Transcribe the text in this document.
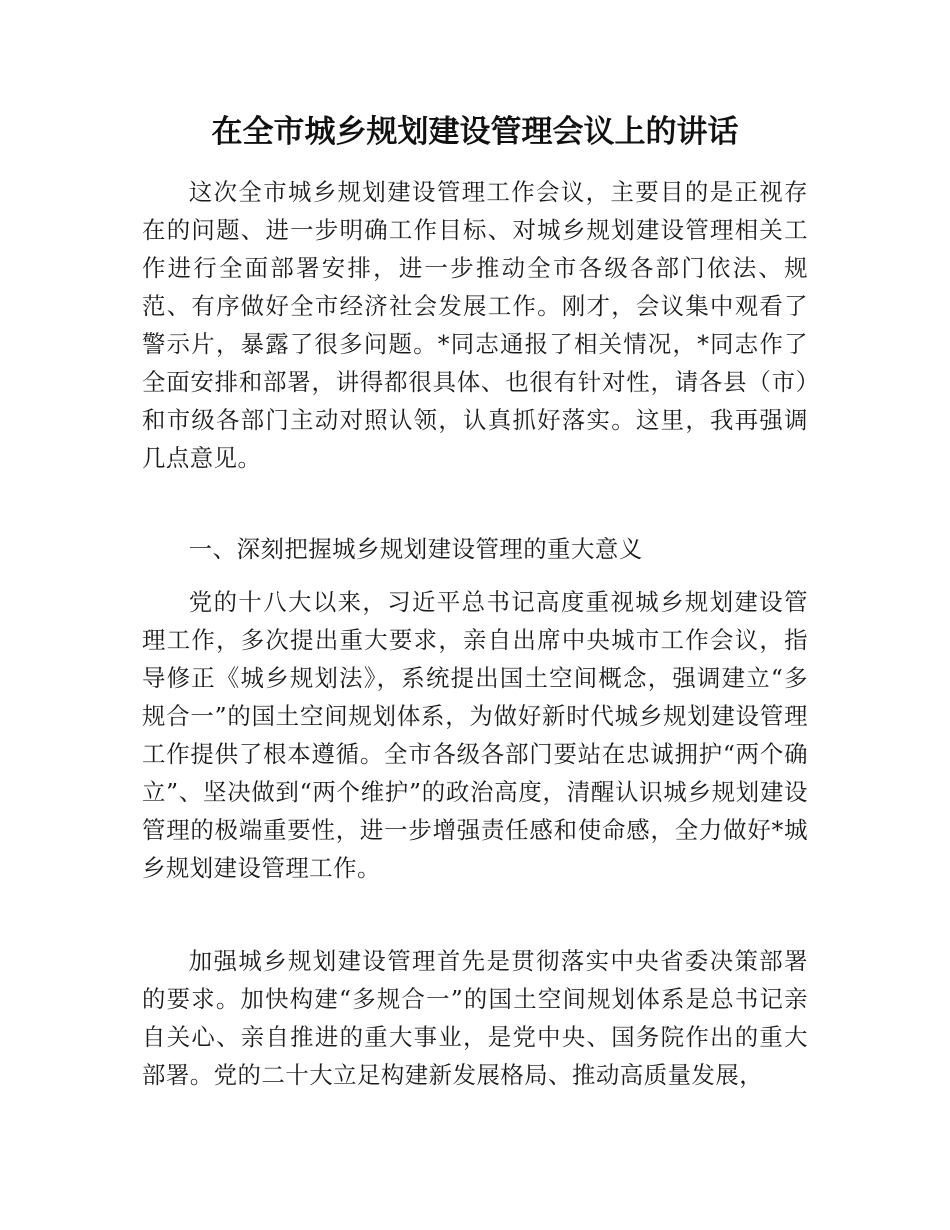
在全市城乡规划建设管理会议上的讲话

这次全市城乡规划建设管理工作会议，主要目的是正视存在的问题、进一步明确工作目标、对城乡规划建设管理相关工作进行全面部署安排，进一步推动全市各级各部门依法、规范、有序做好全市经济社会发展工作。刚才，会议集中观看了警示片，暴露了很多问题。*同志通报了相关情况，*同志作了全面安排和部署，讲得都很具体、也很有针对性，请各县（市）和市级各部门主动对照认领，认真抓好落实。这里，我再强调几点意见。

一、深刻把握城乡规划建设管理的重大意义

党的十八大以来，习近平总书记高度重视城乡规划建设管理工作，多次提出重大要求，亲自出席中央城市工作会议，指导修正《城乡规划法》，系统提出国土空间概念，强调建立“多规合一”的国土空间规划体系，为做好新时代城乡规划建设管理工作提供了根本遵循。全市各级各部门要站在忠诚拥护“两个确立”、坚决做到“两个维护”的政治高度，清醒认识城乡规划建设管理的极端重要性，进一步增强责任感和使命感，全力做好*城乡规划建设管理工作。

加强城乡规划建设管理首先是贯彻落实中央省委决策部署的要求。加快构建“多规合一”的国土空间规划体系是总书记亲自关心、亲自推进的重大事业，是党中央、国务院作出的重大部署。党的二十大立足构建新发展格局、推动高质量发展，
